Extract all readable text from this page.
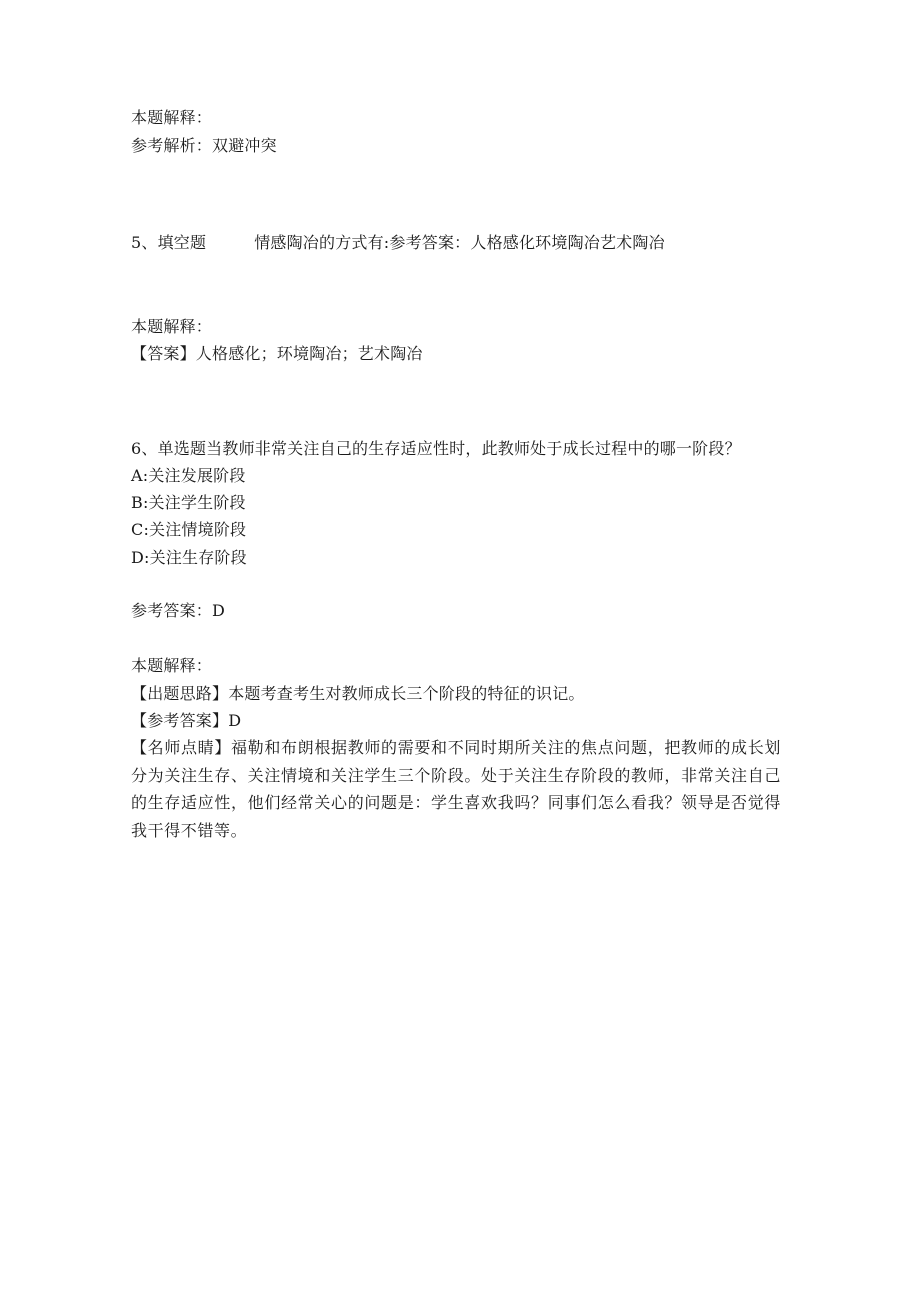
本题解释：
参考解析：双避冲突
5、填空题	情感陶冶的方式有:参考答案：人格感化环境陶冶艺术陶冶
本题解释：
【答案】人格感化；环境陶冶；艺术陶冶
6、单选题当教师非常关注自己的生存适应性时，此教师处于成长过程中的哪一阶段？
A:关注发展阶段
B:关注学生阶段
C:关注情境阶段
D:关注生存阶段
参考答案：D
本题解释：
【出题思路】本题考查考生对教师成长三个阶段的特征的识记。
【参考答案】D
【名师点睛】福勒和布朗根据教师的需要和不同时期所关注的焦点问题，把教师的成长划分为关注生存、关注情境和关注学生三个阶段。处于关注生存阶段的教师，非常关注自己的生存适应性，他们经常关心的问题是：学生喜欢我吗？同事们怎么看我？领导是否觉得我干得不错等。
